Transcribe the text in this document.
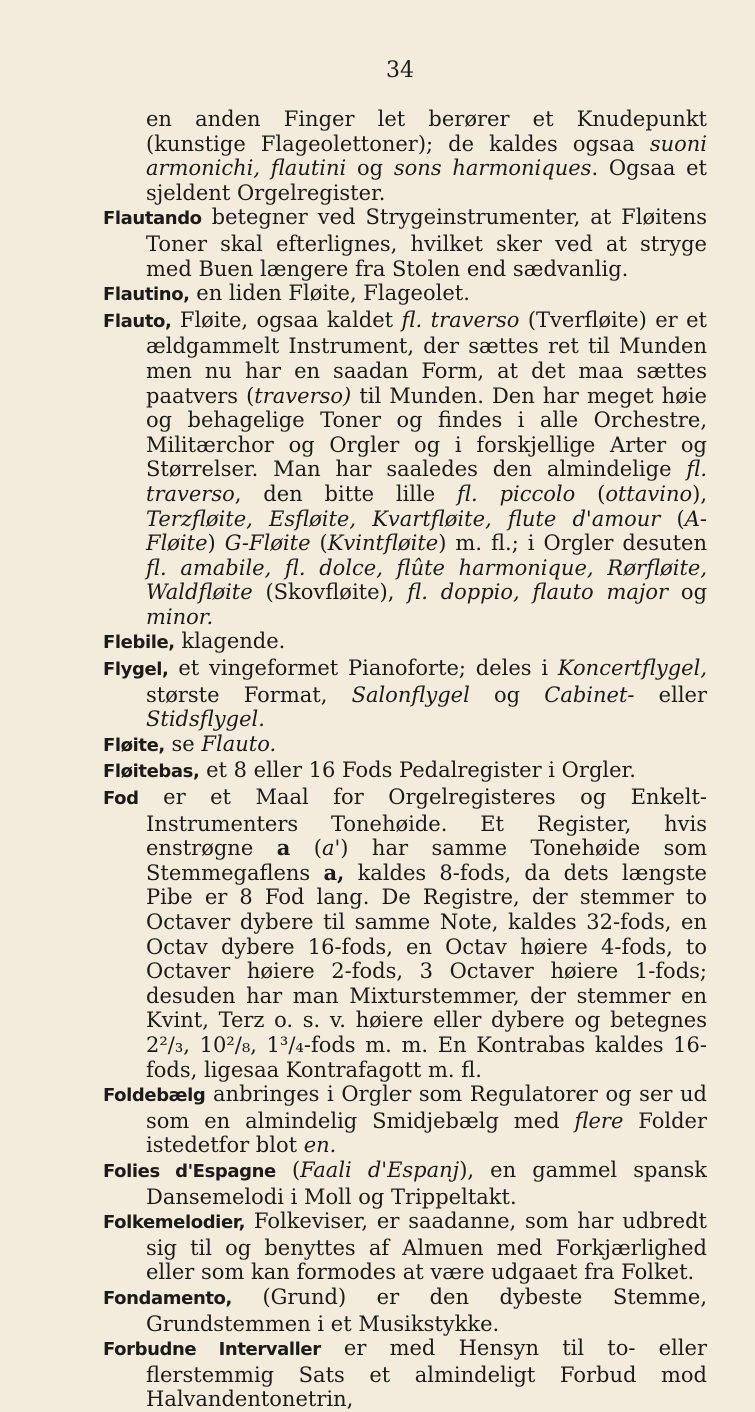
34

en anden Finger let berører et Knudepunkt (kunstige Flageolettoner); de kaldes ogsaa suoni armonichi, flautini og sons harmoniques. Ogsaa et sjeldent Orgelregister.

Flautando betegner ved Strygeinstrumenter, at Fløitens Toner skal efterlignes, hvilket sker ved at stryge med Buen længere fra Stolen end sædvanlig.

Flautino, en liden Fløite, Flageolet.

Flauto, Fløite, ogsaa kaldet fl. traverso (Tverfløite) er et ældgammelt Instrument, der sættes ret til Munden men nu har en saadan Form, at det maa sættes paatvers (traverso) til Munden. Den har meget høie og behagelige Toner og findes i alle Orchestre, Militærchor og Orgler og i forskjellige Arter og Størrelser. Man har saaledes den almindelige fl. traverso, den bitte lille fl. piccolo (ottavino), Terzfløite, Esfløite, Kvartfløite, flute d'amour (A-Fløite) G-Fløite (Kvintfløite) m. fl.; i Orgler desuten fl. amabile, fl. dolce, flûte harmonique, Rørfløite, Waldfløite (Skovfløite), fl. doppio, flauto major og minor.

Flebile, klagende.

Flygel, et vingeformet Pianoforte; deles i Koncertflygel, største Format, Salonflygel og Cabinet- eller Stidsflygel.

Fløite, se Flauto.

Fløitebas, et 8 eller 16 Fods Pedalregister i Orgler.

Fod er et Maal for Orgelregisteres og Enkelt-Instrumenters Tonehøide. Et Register, hvis enstrøgne a (a') har samme Tonehøide som Stemmegaflens a, kaldes 8-fods, da dets længste Pibe er 8 Fod lang. De Registre, der stemmer to Octaver dybere til samme Note, kaldes 32-fods, en Octav dybere 16-fods, en Octav høiere 4-fods, to Octaver høiere 2-fods, 3 Octaver høiere 1-fods; desuden har man Mixturstemmer, der stemmer en Kvint, Terz o. s. v. høiere eller dybere og betegnes 2²/₃, 10²/₈, 1³/₄-fods m. m. En Kontrabas kaldes 16-fods, ligesaa Kontrafagott m. fl.

Foldebælg anbringes i Orgler som Regulatorer og ser ud som en almindelig Smidjebælg med flere Folder istedetfor blot en.

Folies d'Espagne (Faali d'Espanj), en gammel spansk Dansemelodi i Moll og Trippeltakt.

Folkemelodier, Folkeviser, er saadanne, som har udbredt sig til og benyttes af Almuen med Forkjærlighed eller som kan formodes at være udgaaet fra Folket.

Fondamento, (Grund) er den dybeste Stemme, Grundstemmen i et Musikstykke.

Forbudne Intervaller er med Hensyn til to- eller flerstemmig Sats et almindeligt Forbud mod Halvandentonetrin,
